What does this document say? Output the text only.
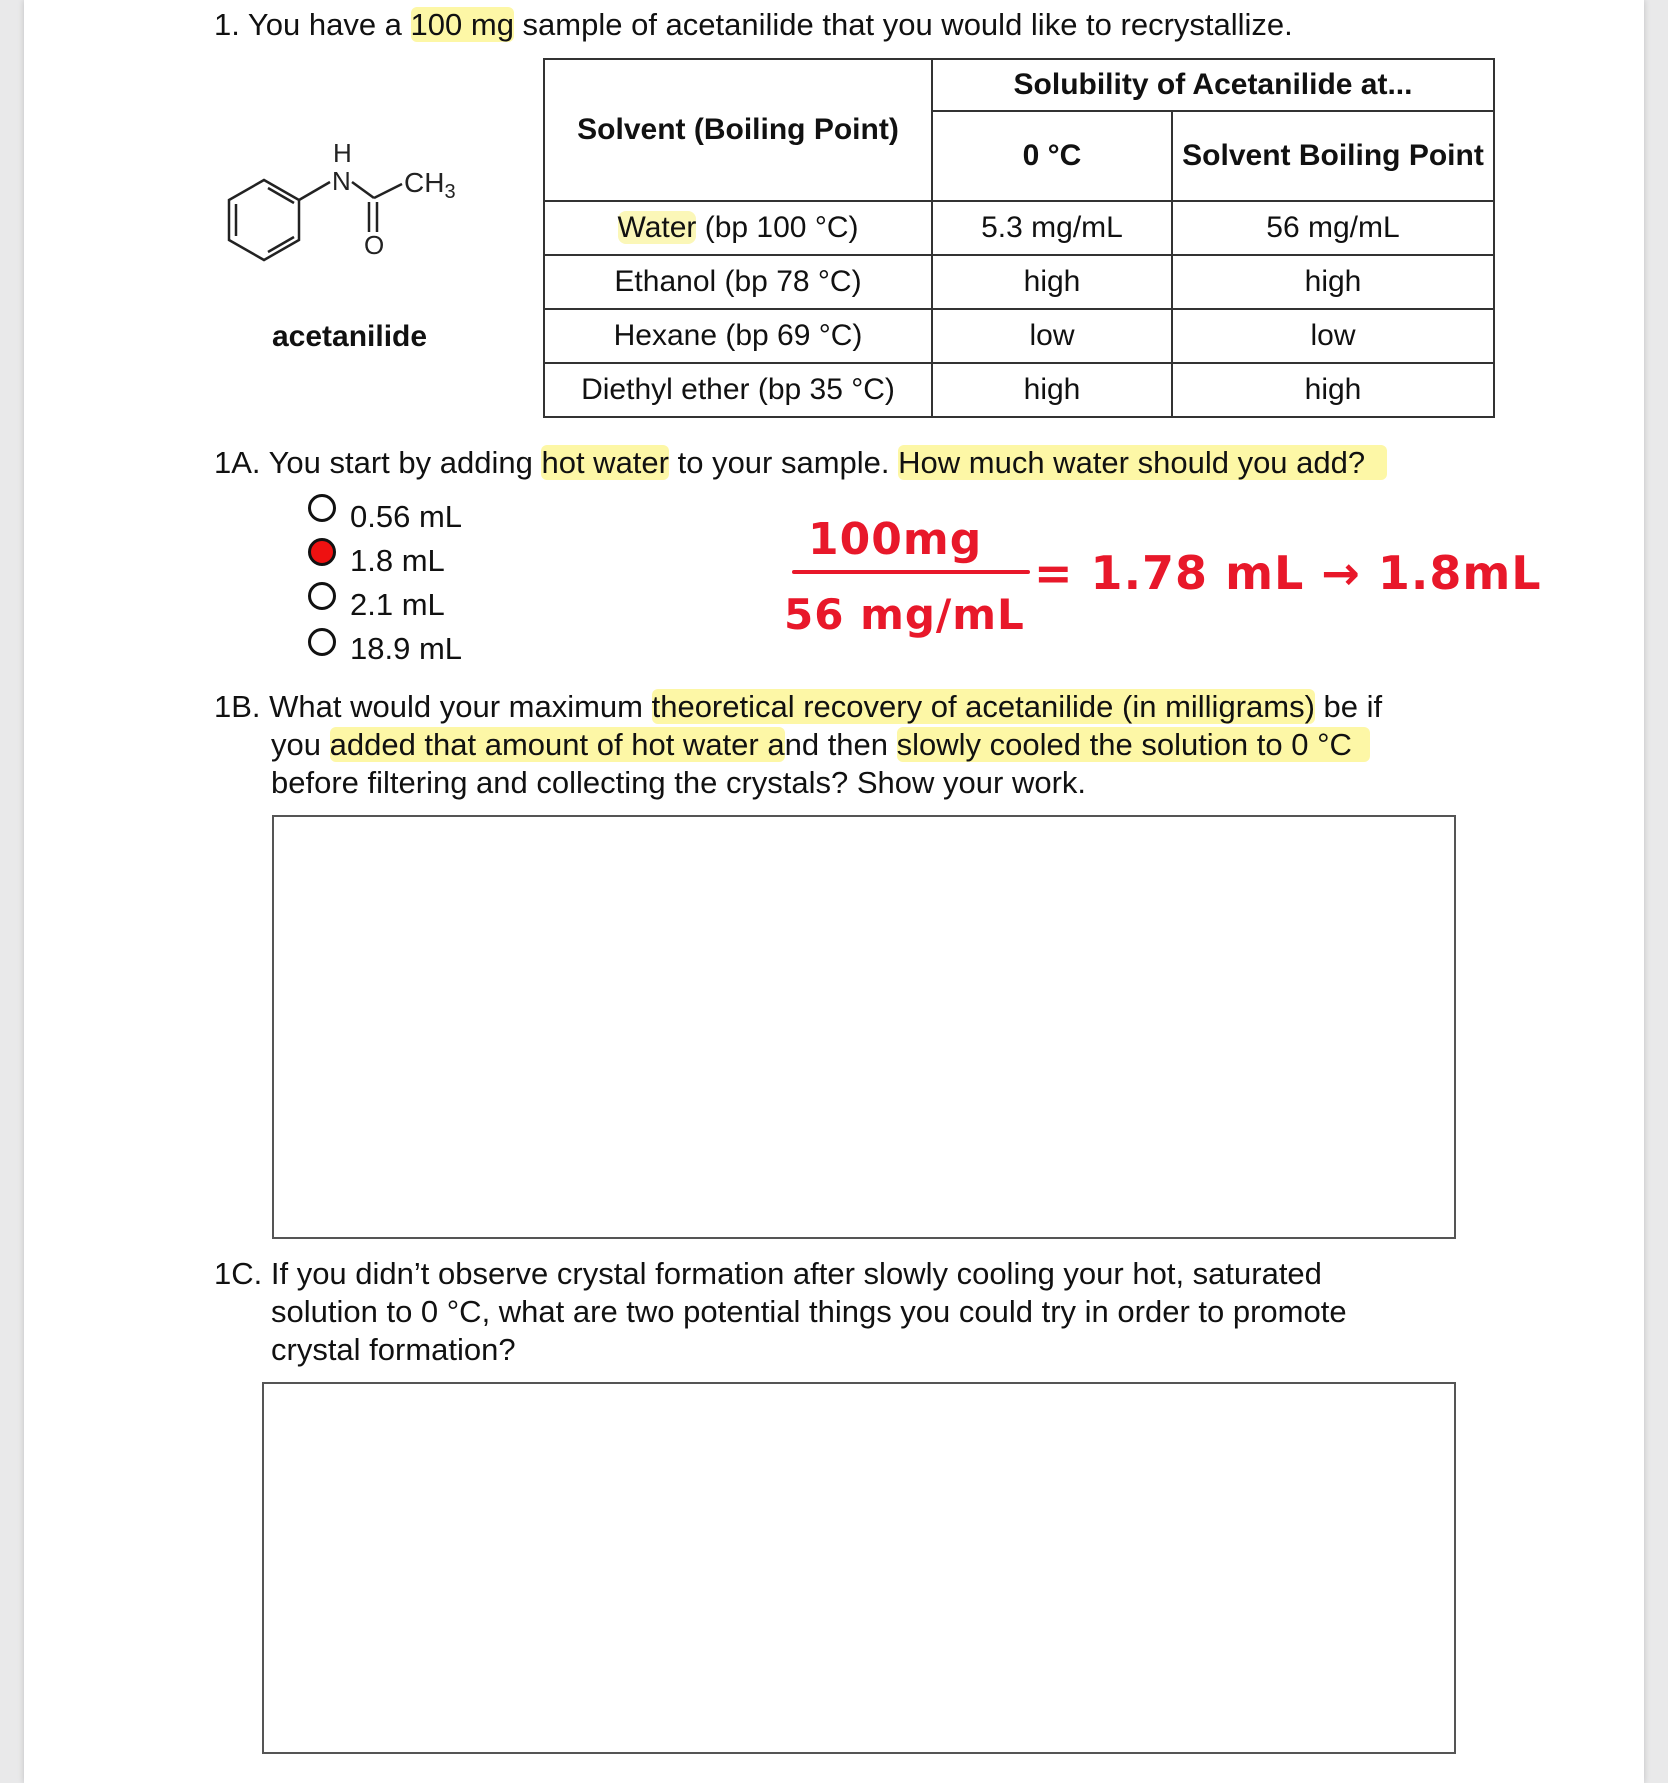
1. You have a 100 mg sample of acetanilide that you would like to recrystallize.
H
N $CH_3$
O
acetanilide
Solvent (Boiling Point)	Solubility of Acetanilide at...	
	0 °C	Solvent Boiling Point
Water (bp 100 °C)	5.3 mg/mL	56 mg/mL
Ethanol (bp 78 °C)	high	high
Hexane (bp 69 °C)	low	low
Diethyl ether (bp 35 °C)	high	high
1A. You start by adding hot water to your sample. How much water should you add?
0.56 mL
1.8 mL
2.1 mL
18.9 mL
100mg
56 mg/mL
= 1.78 mL → 1.8mL
1B. What would your maximum theoretical recovery of acetanilide (in milligrams) be if
you added that amount of hot water and then slowly cooled the solution to 0 °C
before filtering and collecting the crystals? Show your work.
1C. If you didn’t observe crystal formation after slowly cooling your hot, saturated
solution to 0 °C, what are two potential things you could try in order to promote
crystal formation?
